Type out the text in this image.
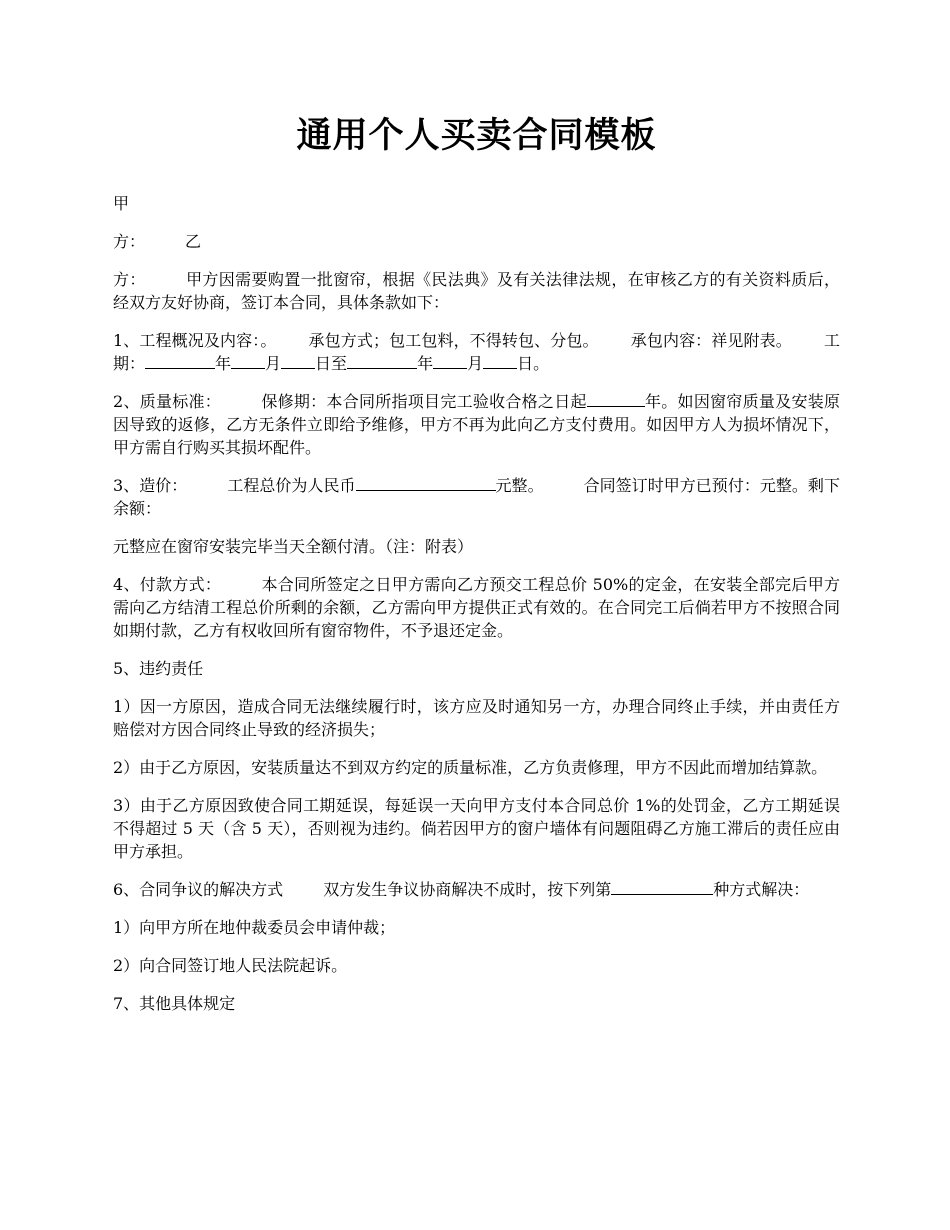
通用个人买卖合同模板

甲

方：	乙

方：	甲方因需要购置一批窗帘，根据《民法典》及有关法律法规，在审核乙方的有关资料质后，经双方友好协商，签订本合同，具体条款如下：

1、工程概况及内容：。 承包方式；包工包料，不得转包、分包。 承包内容：祥见附表。 工期：	年 月 日至	年 月 日。

2、质量标准：	保修期：本合同所指项目完工验收合格之日起	年。如因窗帘质量及安装原因导致的返修，乙方无条件立即给予维修，甲方不再为此向乙方支付费用。如因甲方人为损坏情况下，甲方需自行购买其损坏配件。

3、造价：	工程总价为人民币	元整。	合同签订时甲方已预付：元整。剩下余额：

元整应在窗帘安装完毕当天全额付清。（注：附表）

4、付款方式：	本合同所签定之日甲方需向乙方预交工程总价 50%的定金，在安装全部完后甲方需向乙方结清工程总价所剩的余额，乙方需向甲方提供正式有效的。在合同完工后倘若甲方不按照合同如期付款，乙方有权收回所有窗帘物件，不予退还定金。

5、违约责任

1）因一方原因，造成合同无法继续履行时，该方应及时通知另一方，办理合同终止手续，并由责任方赔偿对方因合同终止导致的经济损失；

2）由于乙方原因，安装质量达不到双方约定的质量标准，乙方负责修理，甲方不因此而增加结算款。

3）由于乙方原因致使合同工期延误，每延误一天向甲方支付本合同总价 1%的处罚金，乙方工期延误不得超过 5 天（含 5 天），否则视为违约。倘若因甲方的窗户墙体有问题阻碍乙方施工滞后的责任应由甲方承担。

6、合同争议的解决方式	双方发生争议协商解决不成时，按下列第	种方式解决：

1）向甲方所在地仲裁委员会申请仲裁；

2）向合同签订地人民法院起诉。

7、其他具体规定
